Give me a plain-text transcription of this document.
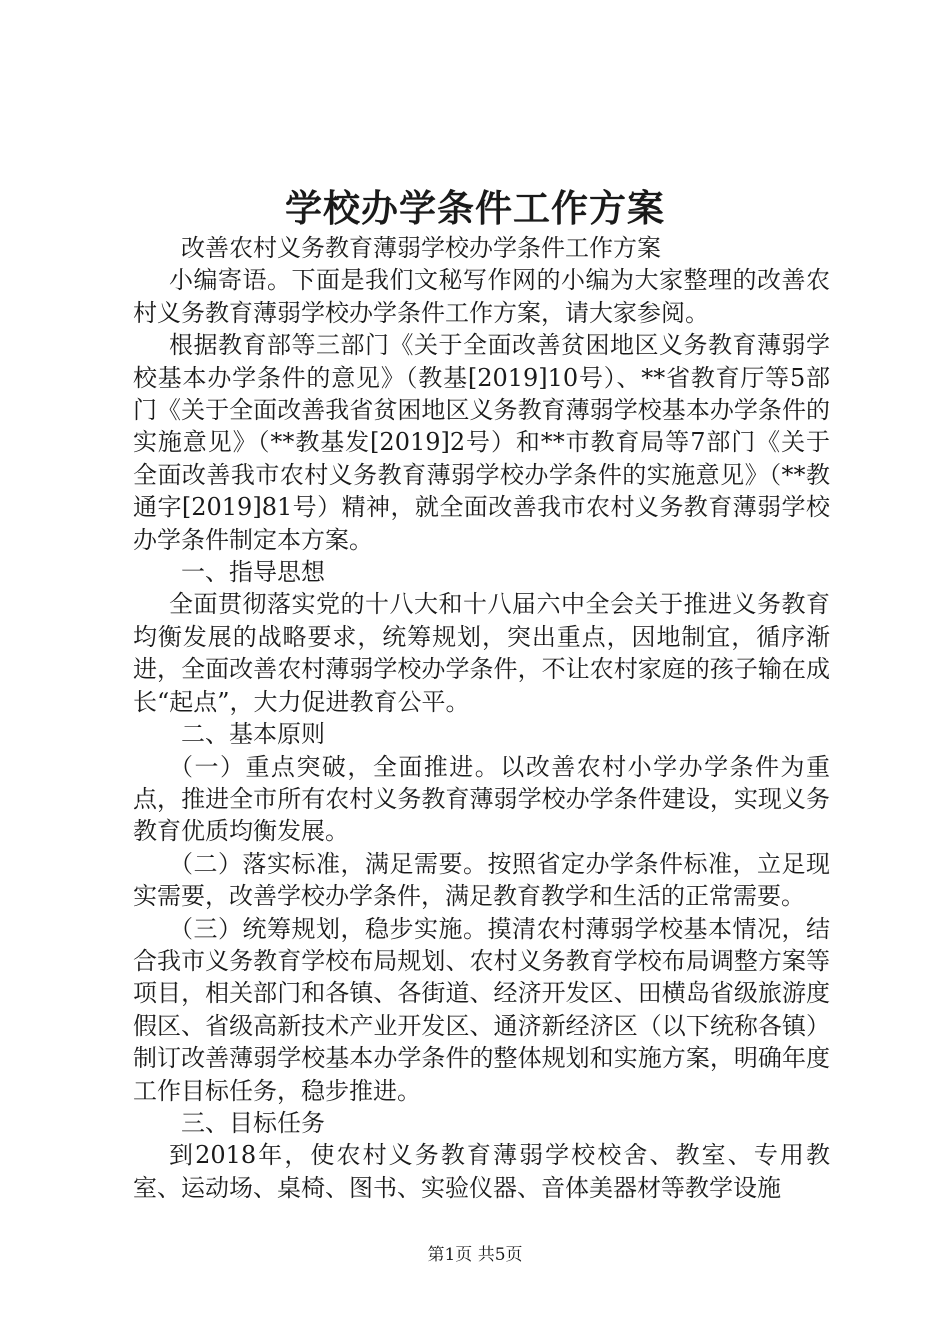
学校办学条件工作方案

改善农村义务教育薄弱学校办学条件工作方案

小编寄语。下面是我们文秘写作网的小编为大家整理的改善农村义务教育薄弱学校办学条件工作方案，请大家参阅。

根据教育部等三部门《关于全面改善贫困地区义务教育薄弱学校基本办学条件的意见》（教基[2019]10号）、**省教育厅等5部门《关于全面改善我省贫困地区义务教育薄弱学校基本办学条件的实施意见》（**教基发[2019]2号）和**市教育局等7部门《关于全面改善我市农村义务教育薄弱学校办学条件的实施意见》（**教通字[2019]81号）精神，就全面改善我市农村义务教育薄弱学校办学条件制定本方案。

一、指导思想

全面贯彻落实党的十八大和十八届六中全会关于推进义务教育均衡发展的战略要求，统筹规划，突出重点，因地制宜，循序渐进，全面改善农村薄弱学校办学条件，不让农村家庭的孩子输在成长“起点”，大力促进教育公平。

二、基本原则

（一）重点突破，全面推进。以改善农村小学办学条件为重点，推进全市所有农村义务教育薄弱学校办学条件建设，实现义务教育优质均衡发展。

（二）落实标准，满足需要。按照省定办学条件标准，立足现实需要，改善学校办学条件，满足教育教学和生活的正常需要。

（三）统筹规划，稳步实施。摸清农村薄弱学校基本情况，结合我市义务教育学校布局规划、农村义务教育学校布局调整方案等项目，相关部门和各镇、各街道、经济开发区、田横岛省级旅游度假区、省级高新技术产业开发区、通济新经济区（以下统称各镇）制订改善薄弱学校基本办学条件的整体规划和实施方案，明确年度工作目标任务，稳步推进。

三、目标任务

到2018年，使农村义务教育薄弱学校校舍、教室、专用教室、运动场、桌椅、图书、实验仪器、音体美器材等教学设施

第1页 共5页
